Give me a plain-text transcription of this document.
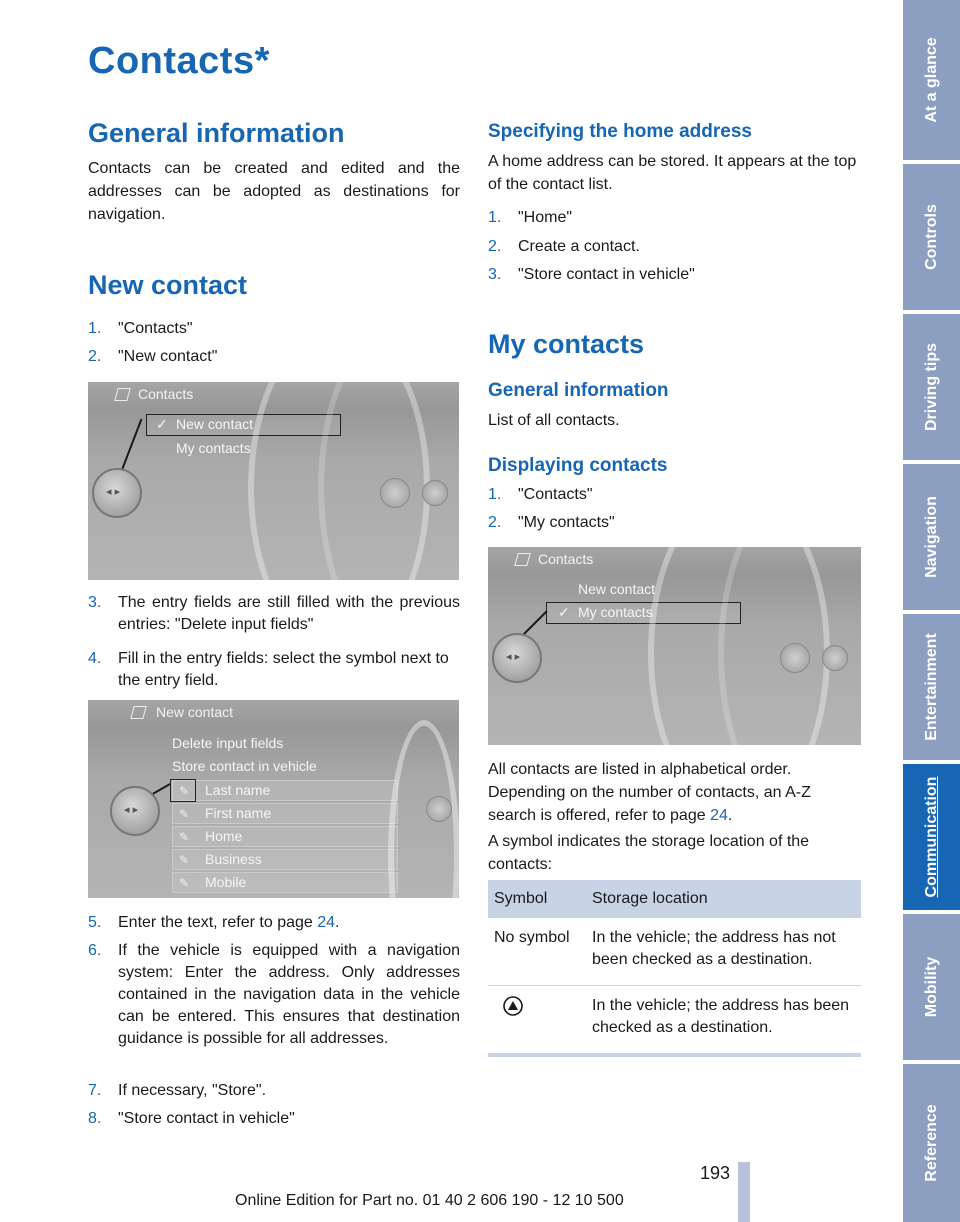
Contacts*
General information

Contacts can be created and edited and the addresses can be adopted as destinations for navigation.

New contact
1. "Contacts"
2. "New contact"
Contacts
✓ New contact
My contacts
◂ ▸
3. The entry fields are still filled with the previous entries: "Delete input fields"
4. Fill in the entry fields: select the symbol next to the entry field.
New contact
Delete input fields
Store contact in vehicle
✎ Last name
✎ First name
✎ Home
✎ Business
✎ Mobile
◂ ▸
5. Enter the text, refer to page 24.
6. If the vehicle is equipped with a navigation system: Enter the address. Only addresses contained in the navigation data in the vehicle can be entered. This ensures that destination guidance is possible for all addresses.
7. If necessary, "Store".
8. "Store contact in vehicle"
Specifying the home address

A home address can be stored. It appears at the top of the contact list.

1. "Home"
2. Create a contact.
3. "Store contact in vehicle"
My contacts
General information

List of all contacts.

Displaying contacts
1. "Contacts"
2. "My contacts"
Contacts
New contact
✓ My contacts
◂ ▸

All contacts are listed in alphabetical order. Depending on the number of contacts, an A-Z search is offered, refer to page 24.

A symbol indicates the storage location of the contacts:

Symbol	Storage location
No symbol	In the vehicle; the address has not been checked as a destination.
	In the vehicle; the address has been checked as a destination.
At a glance
Controls
Driving tips
Navigation
Entertainment
Communication
Mobility
Reference
193
Online Edition for Part no. 01 40 2 606 190 - 12 10 500
